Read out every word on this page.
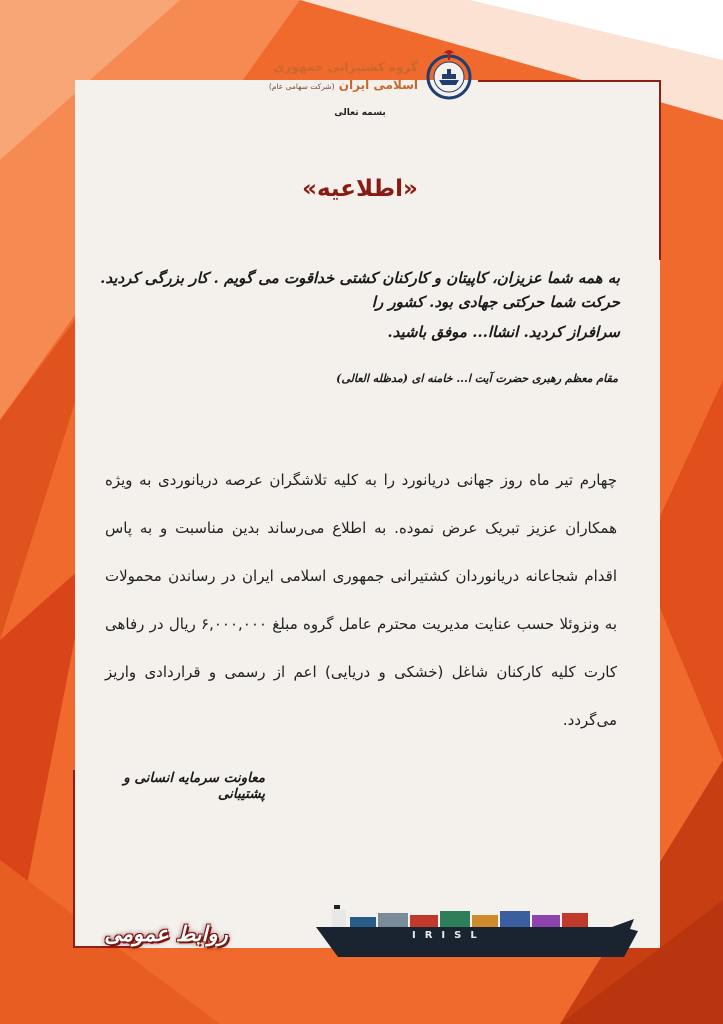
گروه کشتیرانی جمهوری
اسلامی ایران (شرکت سهامی عام)
بسمه تعالی
«اطلاعیه»
به همه شما عزیزان، کاپیتان و کارکنان کشتی خداقوت می گویم . کار بزرگی کردید. حرکت شما حرکتی جهادی بود. کشور را
سرافراز کردید. انشاا... موفق باشید.
مقام معظم رهبری حضرت آیت ا... خامنه ای (مدظله العالی)
چهارم تیر ماه روز جهانی دریانورد را به کلیه تلاشگران عرصه دریانوردی به ویژه همکاران عزیز تبریک عرض نموده. به اطلاع می‌رساند بدین مناسبت و به پاس اقدام شجاعانه دریانوردان کشتیرانی جمهوری اسلامی ایران در رساندن محمولات به ونزوئلا حسب عنایت مدیریت محترم عامل گروه مبلغ ۶,۰۰۰,۰۰۰ ریال در رفاهی کارت کلیه کارکنان شاغل (خشکی و دریایی) اعم از رسمی و قراردادی واریز می‌گردد.
معاونت سرمایه انسانی و پشتیبانی
IRISL
روابط عمومی
